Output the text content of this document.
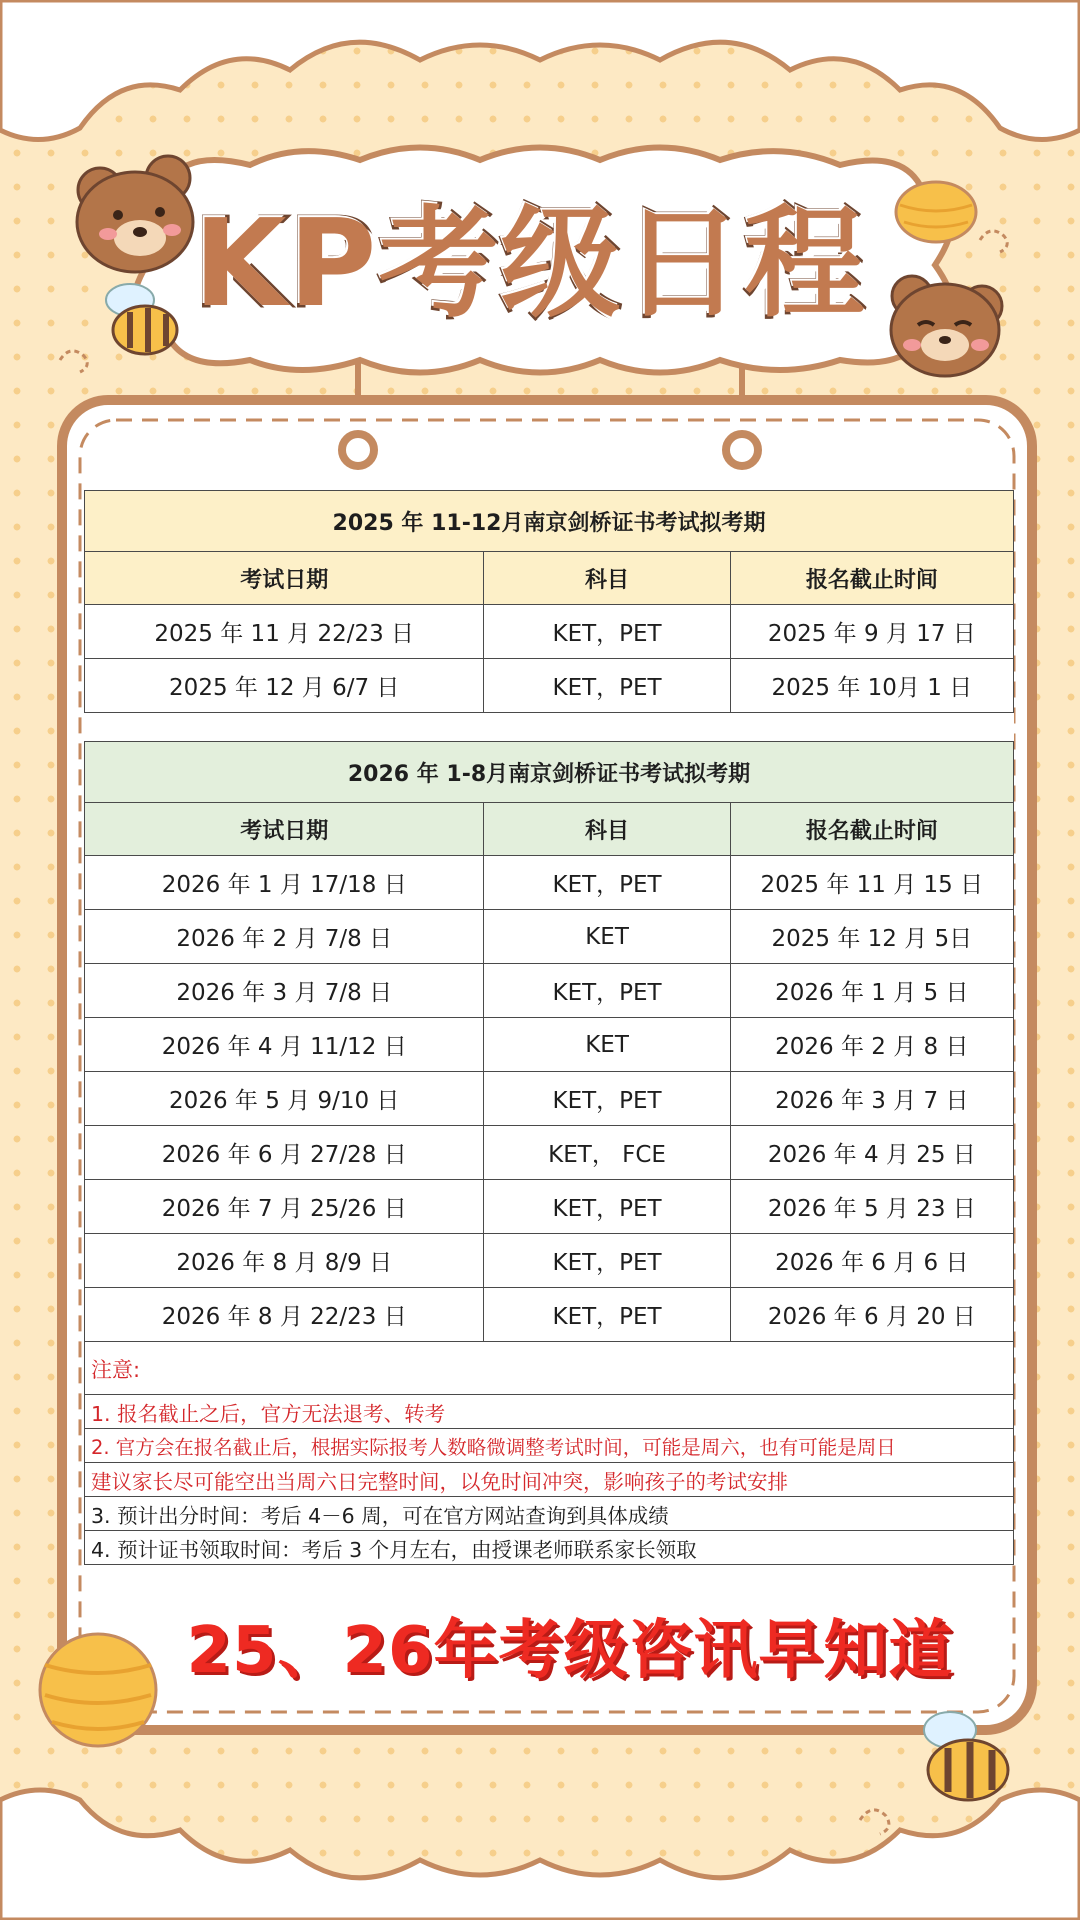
KP考级日程
2025 年 11-12月南京剑桥证书考试拟考期		
考试日期	科目	报名截止时间
2025 年 11 月 22/23 日	KET，PET	2025 年 9 月 17 日
2025 年 12 月 6/7 日	KET，PET	2025 年 10月 1 日
2026 年 1-8月南京剑桥证书考试拟考期		
考试日期	科目	报名截止时间
2026 年 1 月 17/18 日	KET，PET	2025 年 11 月 15 日
2026 年 2 月 7/8 日	KET	2025 年 12 月 5日
2026 年 3 月 7/8 日	KET，PET	2026 年 1 月 5 日
2026 年 4 月 11/12 日	KET	2026 年 2 月 8 日
2026 年 5 月 9/10 日	KET，PET	2026 年 3 月 7 日
2026 年 6 月 27/28 日	KET， FCE	2026 年 4 月 25 日
2026 年 7 月 25/26 日	KET，PET	2026 年 5 月 23 日
2026 年 8 月 8/9 日	KET，PET	2026 年 6 月 6 日
2026 年 8 月 22/23 日	KET，PET	2026 年 6 月 20 日
注意:
1. 报名截止之后，官方无法退考、转考
2. 官方会在报名截止后，根据实际报考人数略微调整考试时间，可能是周六，也有可能是周日
建议家长尽可能空出当周六日完整时间，以免时间冲突，影响孩子的考试安排
3. 预计出分时间：考后 4－6 周，可在官方网站查询到具体成绩
4. 预计证书领取时间：考后 3 个月左右，由授课老师联系家长领取
25、26年考级咨讯早知道
